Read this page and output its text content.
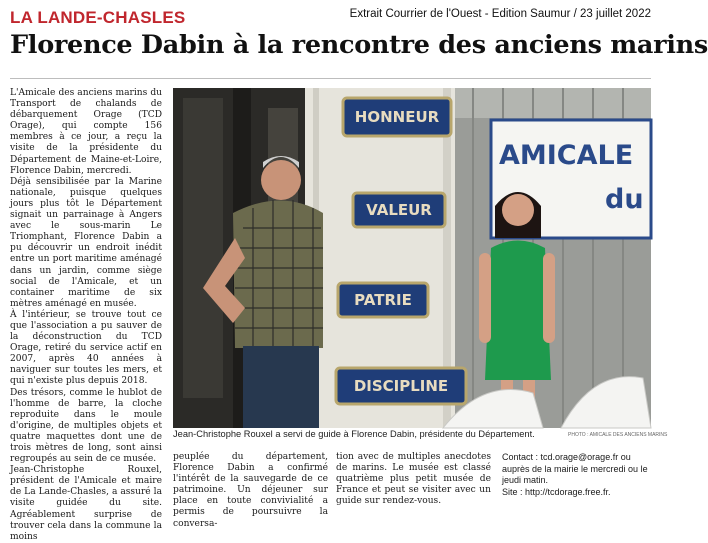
LA LANDE-CHASLES	Extrait Courrier de l'Ouest - Edition Saumur / 23 juillet 2022
Florence Dabin à la rencontre des anciens marins

L'Amicale des anciens marins du Transport de chalands de débarquement Orage (TCD Orage), qui compte 156 membres à ce jour, a reçu la visite de la présidente du Département de Maine-et-Loire, Florence Dabin, mercredi.

Déjà sensibilisée par la Marine nationale, puisque quelques jours plus tôt le Département signait un parrainage à Angers avec le sous-marin Le Triomphant, Florence Dabin a pu découvrir un endroit inédit entre un port maritime aménagé dans un jardin, comme siège social de l'Amicale, et un container maritime de six mètres aménagé en musée.

À l'intérieur, se trouve tout ce que l'association a pu sauver de la déconstruction du TCD Orage, retiré du service actif en 2007, après 40 années à naviguer sur toutes les mers, et qui n'existe plus depuis 2018.

Des trésors, comme le hublot de l'homme de barre, la cloche reproduite dans le moule d'origine, de multiples objets et quatre maquettes dont une de trois mètres de long, sont ainsi regroupés au sein de ce musée.

Jean-Christophe Rouxel, président de l'Amicale et maire de La Lande-Chasles, a assuré la visite guidée du site. Agréablement surprise de trouver cela dans la commune la moins

HONNEUR
VALEUR
PATRIE
DISCIPLINE
AMICALE
du
Jean-Christophe Rouxel a servi de guide à Florence Dabin, présidente du Département.	PHOTO : AMICALE DES ANCIENS MARINS

peuplée du département, Florence Dabin a confirmé l'intérêt de la sauvegarde de ce patrimoine. Un déjeuner sur place en toute convivialité a permis de poursuivre la conversa-

tion avec de multiples anecdotes de marins. Le musée est classé quatrième plus petit musée de France et peut se visiter avec un guide sur rendez-vous.

Contact : tcd.orage@orage.fr ou auprès de la mairie le mercredi ou le jeudi matin.

Site : http://tcdorage.free.fr.
